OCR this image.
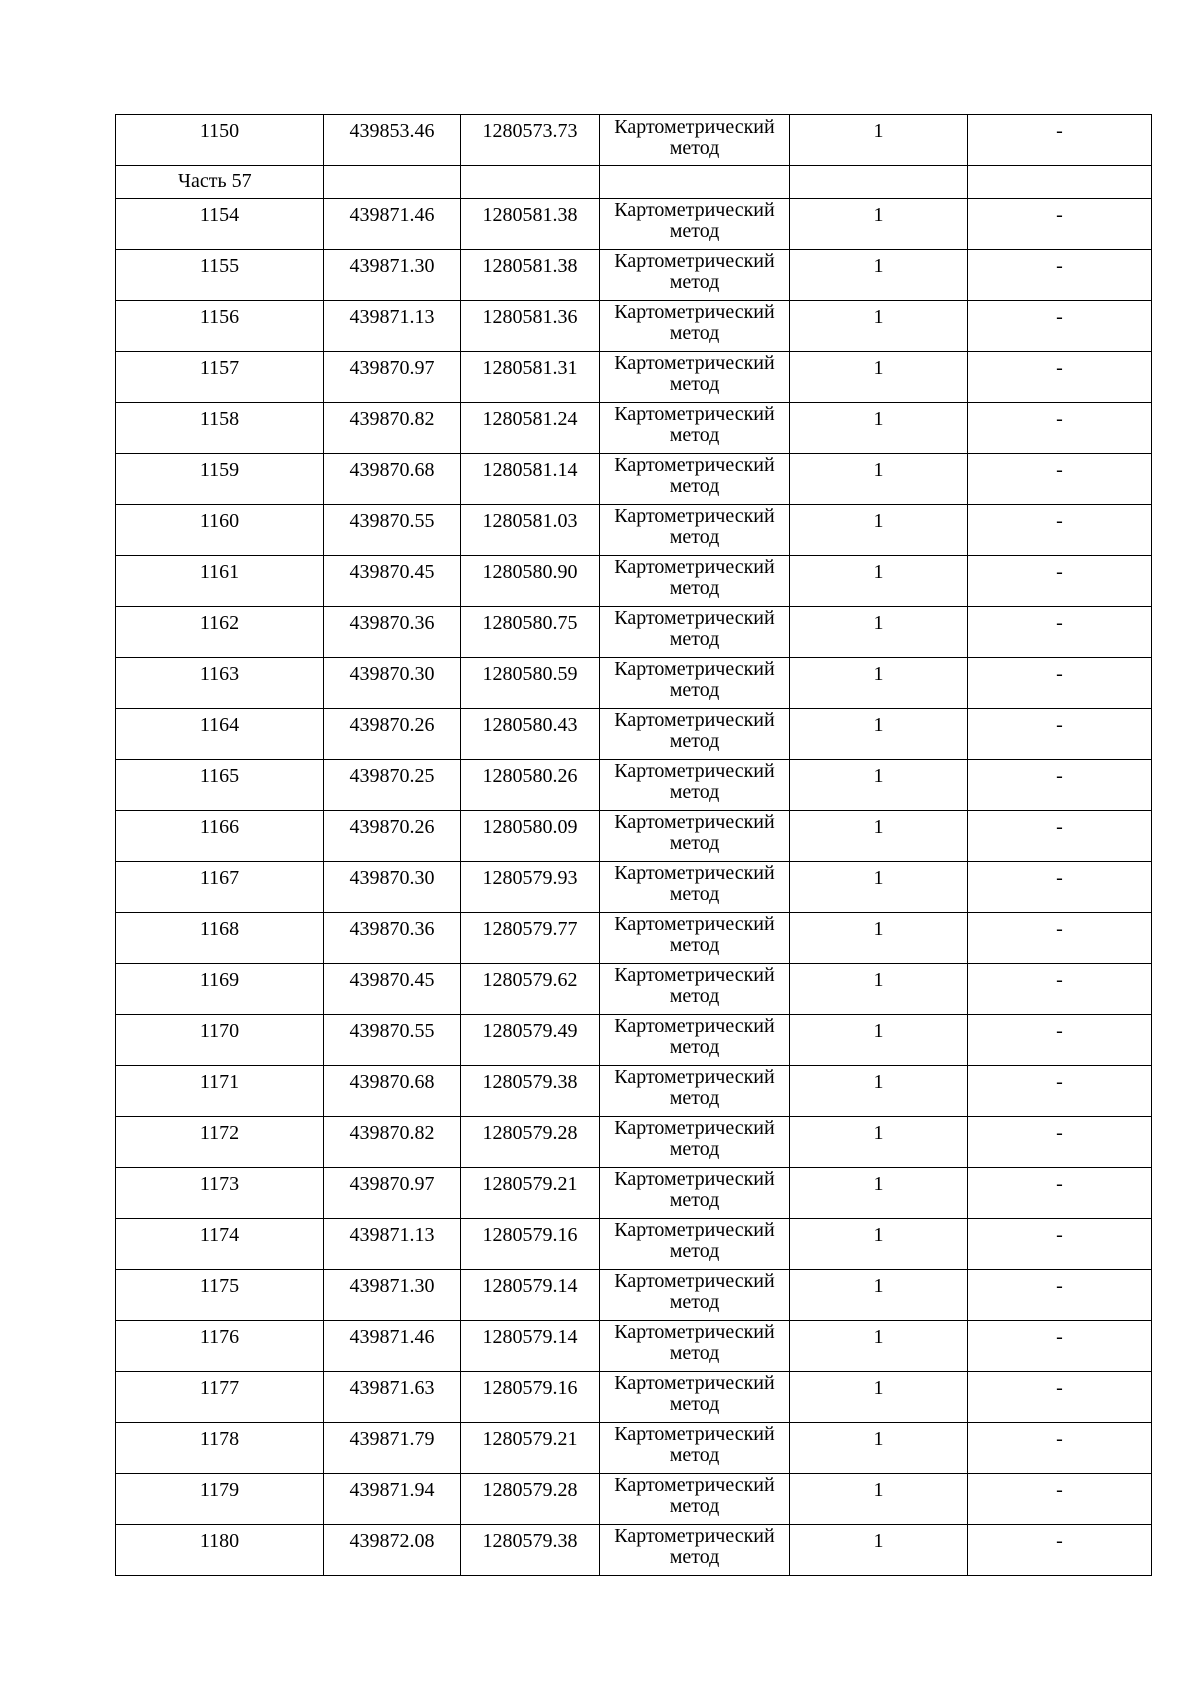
1150	439853.46	1280573.73	Картометрический метод	1	-
Часть 57					
1154	439871.46	1280581.38	Картометрический метод	1	-
1155	439871.30	1280581.38	Картометрический метод	1	-
1156	439871.13	1280581.36	Картометрический метод	1	-
1157	439870.97	1280581.31	Картометрический метод	1	-
1158	439870.82	1280581.24	Картометрический метод	1	-
1159	439870.68	1280581.14	Картометрический метод	1	-
1160	439870.55	1280581.03	Картометрический метод	1	-
1161	439870.45	1280580.90	Картометрический метод	1	-
1162	439870.36	1280580.75	Картометрический метод	1	-
1163	439870.30	1280580.59	Картометрический метод	1	-
1164	439870.26	1280580.43	Картометрический метод	1	-
1165	439870.25	1280580.26	Картометрический метод	1	-
1166	439870.26	1280580.09	Картометрический метод	1	-
1167	439870.30	1280579.93	Картометрический метод	1	-
1168	439870.36	1280579.77	Картометрический метод	1	-
1169	439870.45	1280579.62	Картометрический метод	1	-
1170	439870.55	1280579.49	Картометрический метод	1	-
1171	439870.68	1280579.38	Картометрический метод	1	-
1172	439870.82	1280579.28	Картометрический метод	1	-
1173	439870.97	1280579.21	Картометрический метод	1	-
1174	439871.13	1280579.16	Картометрический метод	1	-
1175	439871.30	1280579.14	Картометрический метод	1	-
1176	439871.46	1280579.14	Картометрический метод	1	-
1177	439871.63	1280579.16	Картометрический метод	1	-
1178	439871.79	1280579.21	Картометрический метод	1	-
1179	439871.94	1280579.28	Картометрический метод	1	-
1180	439872.08	1280579.38	Картометрический метод	1	-
